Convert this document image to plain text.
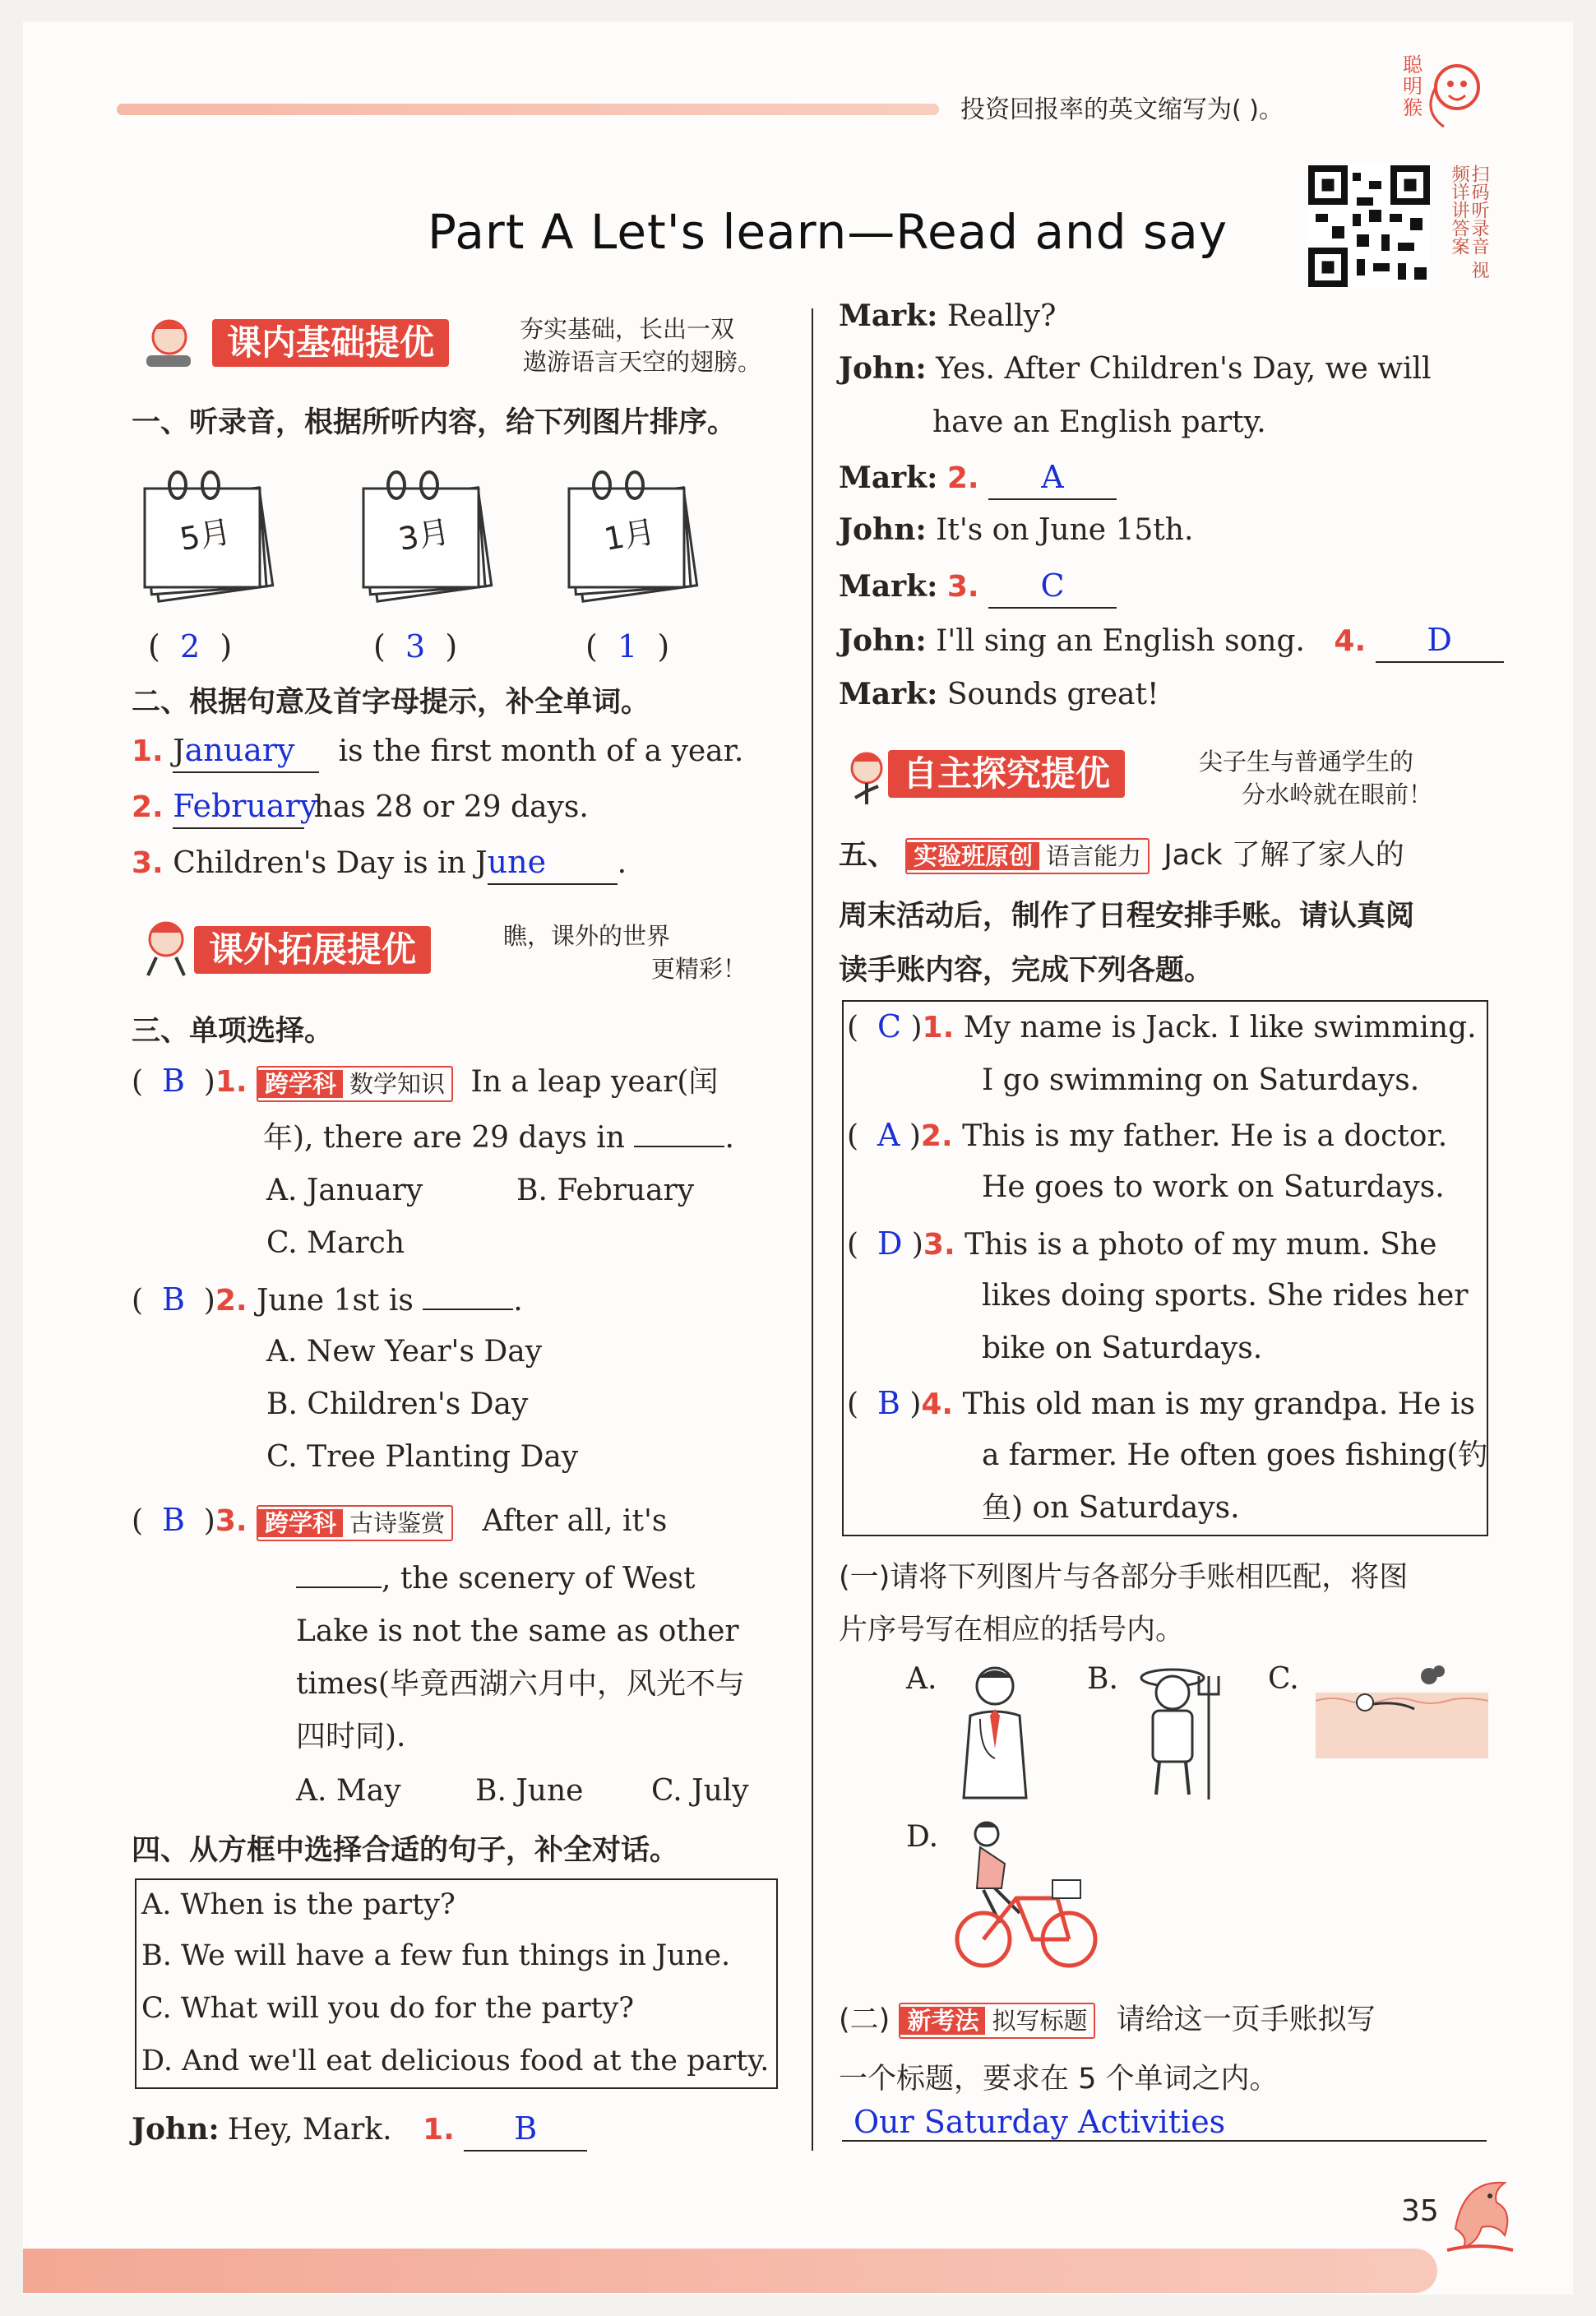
投资回报率的英文缩写为( )。
聪明猴
Part A Let's learn—Read and say	扫码听录音 视频详讲答案
课内基础提优	夯实基础，长出一双
遨游语言天空的翅膀。
一、听录音，根据所听内容，给下列图片排序。
5月	3月	1月
(  2  )	(  3  )	(  1  )
二、根据句意及首字母提示，补全单词。
1. January is the first month of a year.
2. February has 28 or 29 days.
3. Children's Day is in June .
课外拓展提优	瞧，课外的世界
更精彩！
三、单项选择。
(  B  )1. 跨学科 数学知识 In a leap year(闰
年), there are 29 days in	.
A. January	B. February
C. March
(  B  )2. June 1st is	.
A. New Year's Day
B. Children's Day
C. Tree Planting Day
(  B  )3. 跨学科 古诗鉴赏 After all, it's
, the scenery of West
Lake is not the same as other
times(毕竟西湖六月中，风光不与
四时同).
A. May	B. June C. July
四、从方框中选择合适的句子，补全对话。
A. When is the party?
B. We will have a few fun things in June.
C. What will you do for the party?
D. And we'll eat delicious food at the party.
John: Hey, Mark. 1. B
Mark: Really?
John: Yes. After Children's Day, we will
have an English party.
Mark: 2. A
John: It's on June 15th.
Mark: 3. C
John: I'll sing an English song. 4. D
Mark: Sounds great!
自主探究提优	尖子生与普通学生的
分水岭就在眼前！
五、 实验班原创 语言能力 Jack 了解了家人的
周末活动后，制作了日程安排手账。请认真阅
读手账内容，完成下列各题。
(  C )1. My name is Jack. I like swimming.
I go swimming on Saturdays.
(  A )2. This is my father. He is a doctor.
He goes to work on Saturdays.
(  D )3. This is a photo of my mum. She
likes doing sports. She rides her
bike on Saturdays.
(  B )4. This old man is my grandpa. He is
a farmer. He often goes fishing(钓
鱼) on Saturdays.
(一)请将下列图片与各部分手账相匹配，将图
片序号写在相应的括号内。
A.	B.	C.
D.
(二) 新考法 拟写标题 请给这一页手账拟写
一个标题，要求在 5 个单词之内。
Our Saturday Activities
35
